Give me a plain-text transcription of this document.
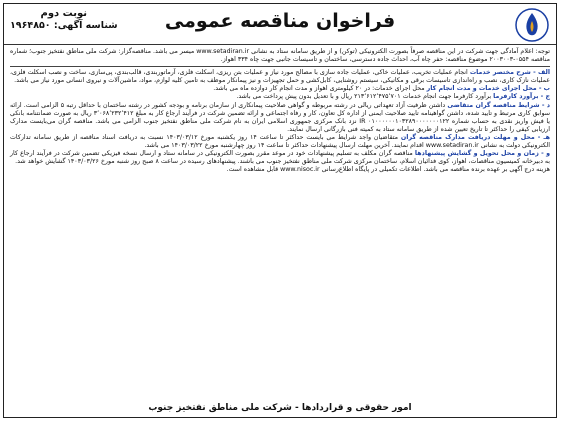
فراخوان مناقصه عمومی
نوبت دوم
شناسه آگهی: ۱۹۶۴۸۵۰

توجه: اعلام آمادگی جهت شرکت در این مناقصه صرفاً بصورت الکترونیکی (توکن) و از طریق سامانه ستاد به نشانی www.setadiran.ir میسر می باشد. مناقصه‌گزار: شرکت ملی مناطق نفتخیز جنوب؛ شماره مناقصه ۰۵۵۴-۲۰۰۳۰۰۳ موضوع مناقصه: حفر چاه آب، احداث جاده دسترسی، ساختمان و تاسیسات جانبی جهت چاه ۳۳۴ اهواز.

الف - شرح مختصر خدمات انجام عملیات تخریب، عملیات خاکی، عملیات جاده سازی با مصالح مورد نیاز و عملیات بتن ریزی، اسکلت فلزی، آرماتوربندی، قالب‌بندی، پی‌سازی، ساخت و نصب اسکلت فلزی، عملیات نازک کاری، نصب و راه‌اندازی تاسیسات برقی و مکانیکی، سیستم روشنایی، کابل‌کشی و حمل تجهیزات و نیز پیمانکار موظف به تامین کلیه لوازم، مواد، ماشین‌آلات و نیروی انسانی مورد نیاز می باشد.

ب - محل اجرای خدمات و مدت انجام کار محل اجرای خدمات: در ۲۰ کیلومتری اهواز و مدت انجام کار دوازده ماه می باشد.

ج - برآورد کارفرما برآورد کارفرما جهت انجام خدمات ۲۱۳٬۶۱۲٬۴۷۵٬۷۰۱ ریال و با تعدیل بدون پیش پرداخت می باشد.

د - شرایط مناقصه گران متقاضی داشتن ظرفیت آزاد تعهداتی ریالی در رشته مربوطه و گواهی صلاحیت پیمانکاری از سازمان برنامه و بودجه کشور در رشته ساختمان با حداقل رتبه ۵ الزامی است. ارائه سوابق کاری مرتبط و تایید شده، داشتن گواهینامه تایید صلاحیت ایمنی از اداره کل تعاون، کار و رفاه اجتماعی و ارائه تضمین شرکت در فرآیند ارجاع کار به مبلغ ۳٬۰۶۸٬۲۳۲٬۴۱۲ ریال به صورت ضمانتنامه بانکی یا فیش واریز نقدی به حساب شماره IR ۰۱۰۰۰۰۰۰۱۰۳۲۸۹۰۰۰۰۰۰۰۱۲۲ نزد بانک مرکزی جمهوری اسلامی ایران به نام شرکت ملی مناطق نفتخیز جنوب الزامی می باشد. مناقصه گران می‌بایست مدارک ارزیابی کیفی را حداکثر تا تاریخ تعیین شده از طریق سامانه ستاد به کمیته فنی بازرگانی ارسال نمایند.

هـ - محل و مهلت دریافت مدارک مناقصه گران متقاضیان واجد شرایط می بایست حداکثر تا ساعت ۱۴ روز یکشنبه مورخ ۱۴۰۳/۰۳/۱۲ نسبت به دریافت اسناد مناقصه از طریق سامانه تدارکات الکترونیکی دولت به نشانی www.setadiran.ir اقدام نمایند. آخرین مهلت ارسال پیشنهادات حداکثر تا ساعت ۱۴ روز چهارشنبه مورخ ۱۴۰۳/۰۳/۲۲ می باشد.

و - زمان و محل تحویل و گشایش پیشنهادها مناقصه گران مکلف به تسلیم پیشنهادات خود در موعد مقرر بصورت الکترونیکی در سامانه ستاد و ارسال نسخه فیزیکی تضمین شرکت در فرآیند ارجاع کار به دبیرخانه کمیسیون مناقصات، اهواز، کوی فدائیان اسلام، ساختمان مرکزی شرکت ملی مناطق نفتخیز جنوب می باشند. پیشنهادهای رسیده در ساعت ۸ صبح روز شنبه مورخ ۱۴۰۳/۰۳/۲۶ گشایش خواهد شد.

هزینه درج آگهی بر عهده برنده مناقصه می باشد. اطلاعات تکمیلی در پایگاه اطلاع‌رسانی www.nisoc.ir قابل مشاهده است.

امور حقوقی و قراردادها - شرکت ملی مناطق نفتخیز جنوب
